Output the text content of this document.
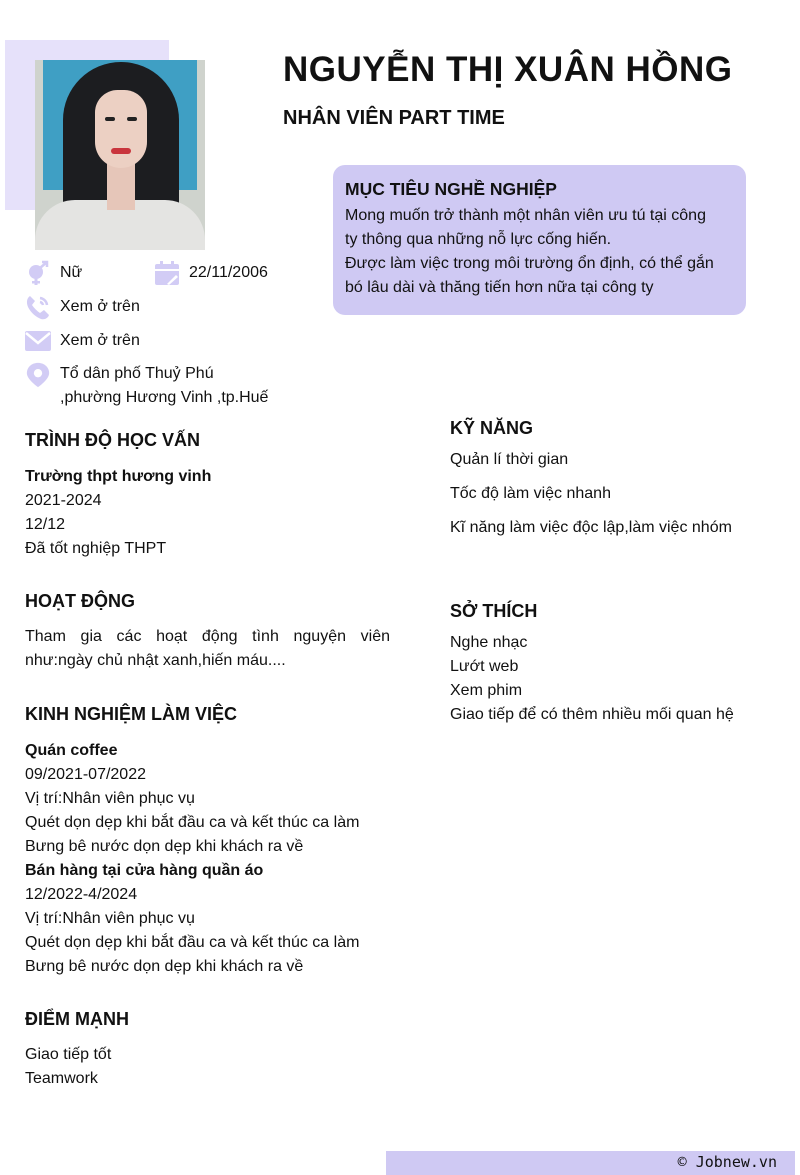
NGUYỄN THỊ XUÂN HỒNG
NHÂN VIÊN PART TIME
MỤC TIÊU NGHỀ NGHIỆP

Mong muốn trở thành một nhân viên ưu tú tại công

ty thông qua những nỗ lực cống hiến.

Được làm việc trong môi trường ổn định, có thể gắn

bó lâu dài và thăng tiến hơn nữa tại công ty

Nữ	22/11/2006
Xem ở trên
Xem ở trên
Tổ dân phố Thuỷ Phú
,phường Hương Vinh ,tp.Huế
TRÌNH ĐỘ HỌC VẤN

Trường thpt hương vinh

2021-2024

12/12

Đã tốt nghiệp THPT

HOẠT ĐỘNG

Tham gia các hoạt động tình nguyện viên như:ngày chủ nhật xanh,hiến máu....

KINH NGHIỆM LÀM VIỆC

Quán coffee

09/2021-07/2022

Vị trí:Nhân viên phục vụ

Quét dọn dẹp khi bắt đầu ca và kết thúc ca làm

Bưng bê nước dọn dẹp khi khách ra về

Bán hàng tại cửa hàng quần áo

12/2022-4/2024

Vị trí:Nhân viên phục vụ

Quét dọn dẹp khi bắt đầu ca và kết thúc ca làm

Bưng bê nước dọn dẹp khi khách ra về

ĐIỂM MẠNH

Giao tiếp tốt

Teamwork

KỸ NĂNG

Quản lí thời gian

Tốc độ làm việc nhanh

Kĩ năng làm việc độc lập,làm việc nhóm

SỞ THÍCH

Nghe nhạc

Lướt web

Xem phim

Giao tiếp để có thêm nhiều mối quan hệ

© Jobnew.vn
